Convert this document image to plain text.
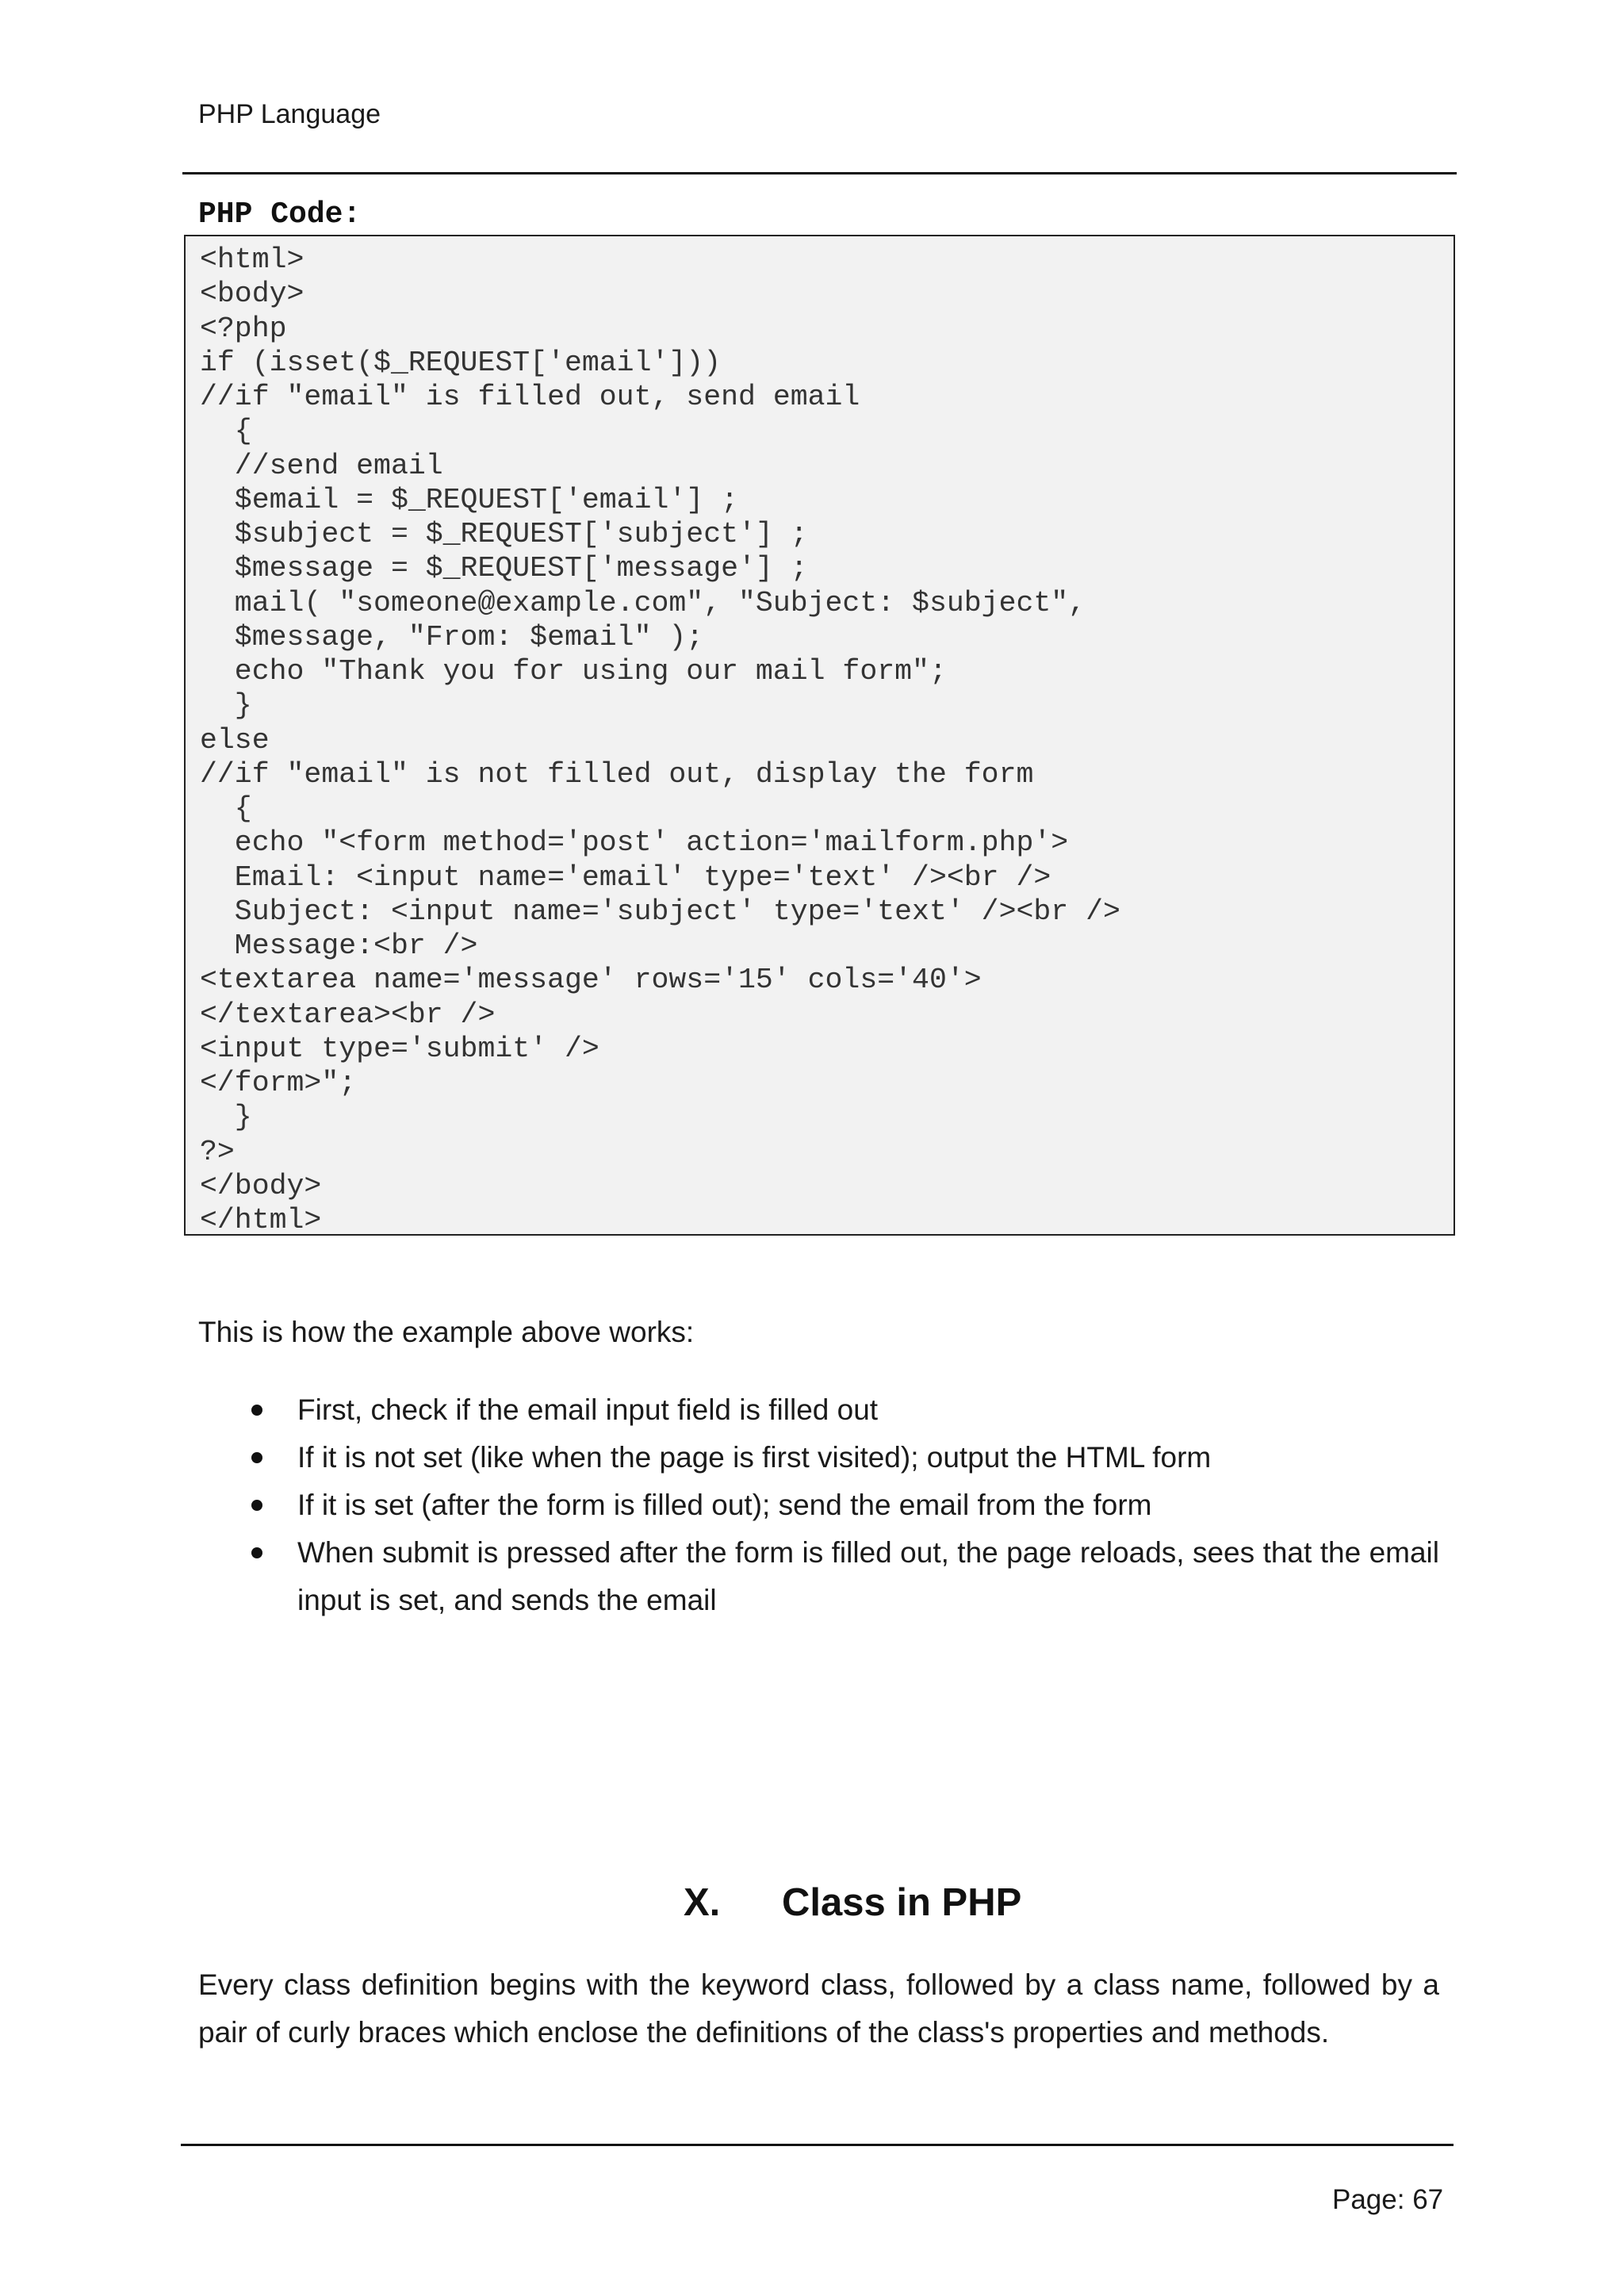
PHP Language
PHP Code:
<html>
<body>
<?php
if (isset($_REQUEST['email']))
//if "email" is filled out, send email
{
//send email
$email = $_REQUEST['email'] ;
$subject = $_REQUEST['subject'] ;
$message = $_REQUEST['message'] ;
mail( "someone@example.com", "Subject: $subject",
$message, "From: $email" );
echo "Thank you for using our mail form";
}
else
//if "email" is not filled out, display the form
{
echo "<form method='post' action='mailform.php'>
Email: <input name='email' type='text' /><br />
Subject: <input name='subject' type='text' /><br />
Message:<br />
<textarea name='message' rows='15' cols='40'>
</textarea><br />
<input type='submit' />
</form>";
}
?>
</body>
</html>
This is how the example above works:
First, check if the email input field is filled out
If it is not set (like when the page is first visited); output the HTML form
If it is set (after the form is filled out); send the email from the form
When submit is pressed after the form is filled out, the page reloads, sees that the email input is set, and sends the email
X. Class in PHP
Every class definition begins with the keyword class, followed by a class name, followed by a pair of curly braces which enclose the definitions of the class's properties and methods.
Page: 67
